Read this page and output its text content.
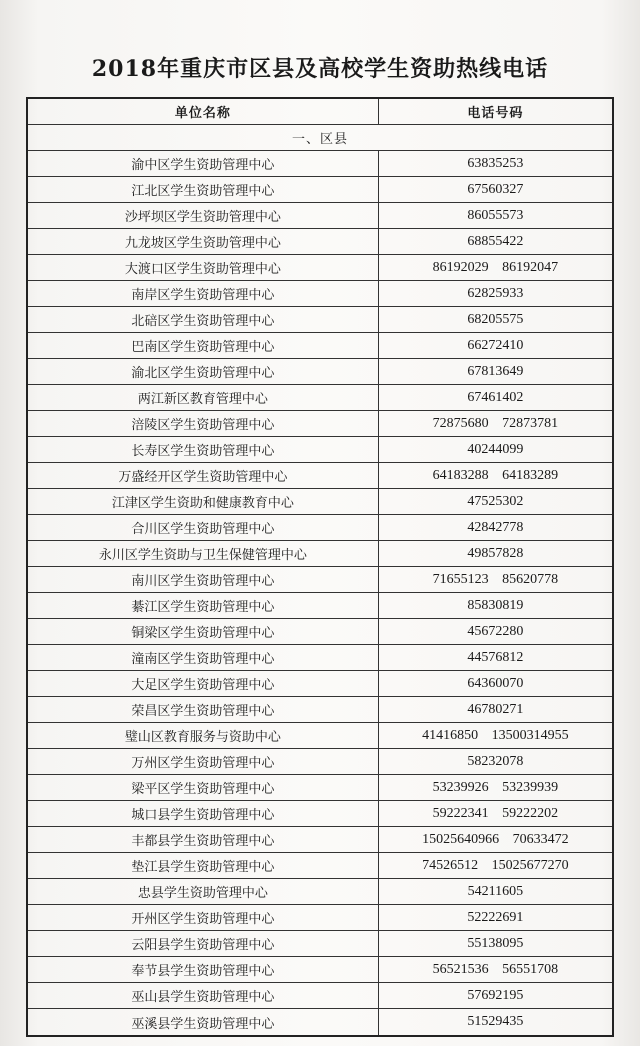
2018年重庆市区县及高校学生资助热线电话
单位名称	电话号码
一、区县
渝中区学生资助管理中心	63835253
江北区学生资助管理中心	67560327
沙坪坝区学生资助管理中心	86055573
九龙坡区学生资助管理中心	68855422
大渡口区学生资助管理中心	86192029 86192047
南岸区学生资助管理中心	62825933
北碚区学生资助管理中心	68205575
巴南区学生资助管理中心	66272410
渝北区学生资助管理中心	67813649
两江新区教育管理中心	67461402
涪陵区学生资助管理中心	72875680 72873781
长寿区学生资助管理中心	40244099
万盛经开区学生资助管理中心	64183288 64183289
江津区学生资助和健康教育中心	47525302
合川区学生资助管理中心	42842778
永川区学生资助与卫生保健管理中心	49857828
南川区学生资助管理中心	71655123 85620778
綦江区学生资助管理中心	85830819
铜梁区学生资助管理中心	45672280
潼南区学生资助管理中心	44576812
大足区学生资助管理中心	64360070
荣昌区学生资助管理中心	46780271
璧山区教育服务与资助中心	41416850 13500314955
万州区学生资助管理中心	58232078
梁平区学生资助管理中心	53239926 53239939
城口县学生资助管理中心	59222341 59222202
丰都县学生资助管理中心	15025640966 70633472
垫江县学生资助管理中心	74526512 15025677270
忠县学生资助管理中心	54211605
开州区学生资助管理中心	52222691
云阳县学生资助管理中心	55138095
奉节县学生资助管理中心	56521536 56551708
巫山县学生资助管理中心	57692195
巫溪县学生资助管理中心	51529435
